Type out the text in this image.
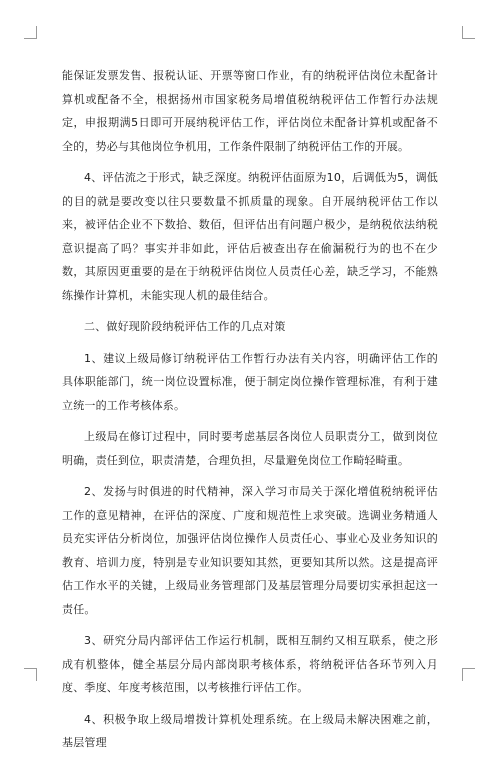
能保证发票发售、报税认证、开票等窗口作业，有的纳税评估岗位未配备计算机或配备不全，根据扬州市国家税务局增值税纳税评估工作暂行办法规定，申报期满5日即可开展纳税评估工作，评估岗位未配备计算机或配备不全的，势必与其他岗位争机用，工作条件限制了纳税评估工作的开展。

4、评估流之于形式，缺乏深度。纳税评估面原为10，后调低为5，调低的目的就是要改变以往只要数量不抓质量的现象。自开展纳税评估工作以来，被评估企业不下数拾、数佰，但评估出有问题户极少，是纳税依法纳税意识提高了吗？事实并非如此，评估后被查出存在偷漏税行为的也不在少数，其原因更重要的是在于纳税评估岗位人员责任心差，缺乏学习，不能熟练操作计算机，未能实现人机的最佳结合。

二、做好现阶段纳税评估工作的几点对策

1、建议上级局修订纳税评估工作暂行办法有关内容，明确评估工作的具体职能部门，统一岗位设置标准，便于制定岗位操作管理标准，有利于建立统一的工作考核体系。

上级局在修订过程中，同时要考虑基层各岗位人员职责分工，做到岗位明确，责任到位，职责清楚，合理负担，尽量避免岗位工作畸轻畸重。

2、发扬与时俱进的时代精神，深入学习市局关于深化增值税纳税评估工作的意见精神，在评估的深度、广度和规范性上求突破。选调业务精通人员充实评估分析岗位，加强评估岗位操作人员责任心、事业心及业务知识的教育、培训力度，特别是专业知识要知其然，更要知其所以然。这是提高评估工作水平的关键，上级局业务管理部门及基层管理分局要切实承担起这一责任。

3、研究分局内部评估工作运行机制，既相互制约又相互联系，使之形成有机整体，健全基层分局内部岗职考核体系，将纳税评估各环节列入月度、季度、年度考核范围，以考核推行评估工作。

4、积极争取上级局增拨计算机处理系统。在上级局未解决困难之前，基层管理
